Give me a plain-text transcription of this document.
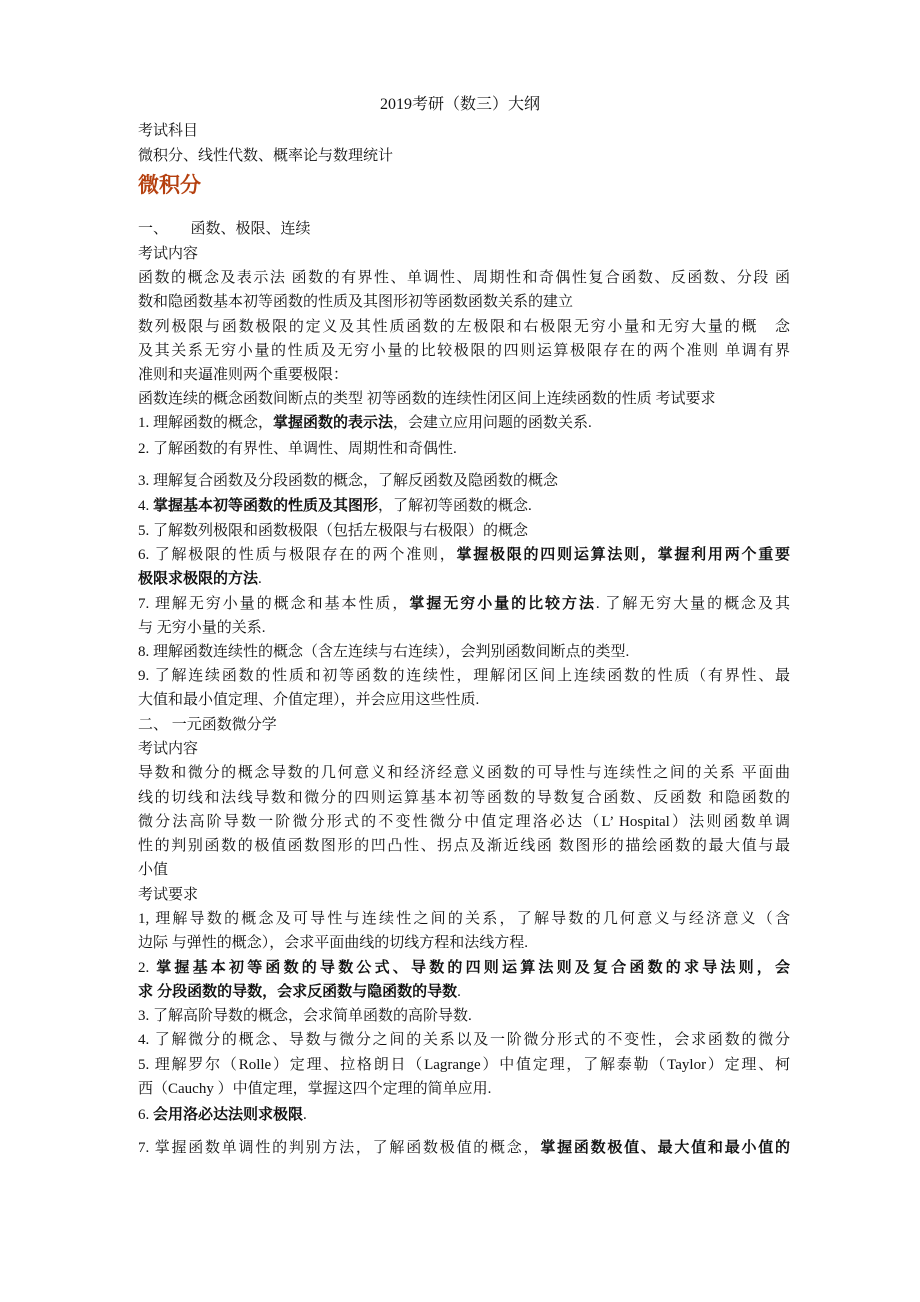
2019考研（数三）大纲
考试科目
微积分、线性代数、概率论与数理统计
微积分
一、　　函数、极限、连续
考试内容
函数的概念及表示法 函数的有界性、单调性、周期性和奇偶性复合函数、反函数、分段 函
数和隐函数基本初等函数的性质及其图形初等函数函数关系的建立
数列极限与函数极限的定义及其性质函数的左极限和右极限无穷小量和无穷大量的概　念
及其关系无穷小量的性质及无穷小量的比较极限的四则运算极限存在的两个准则 单调有界
准则和夹逼准则两个重要极限：
函数连续的概念函数间断点的类型 初等函数的连续性闭区间上连续函数的性质 考试要求
1. 理解函数的概念，掌握函数的表示法，会建立应用问题的函数关系.
2. 了解函数的有界性、单调性、周期性和奇偶性.
3. 理解复合函数及分段函数的概念，了解反函数及隐函数的概念
4. 掌握基本初等函数的性质及其图形，了解初等函数的概念.
5. 了解数列极限和函数极限（包括左极限与右极限）的概念
6. 了解极限的性质与极限存在的两个准则，掌握极限的四则运算法则，掌握利用两个重要
极限求极限的方法.
7. 理解无穷小量的概念和基本性质，掌握无穷小量的比较方法. 了解无穷大量的概念及其
与 无穷小量的关系.
8. 理解函数连续性的概念（含左连续与右连续），会判别函数间断点的类型.
9. 了解连续函数的性质和初等函数的连续性，理解闭区间上连续函数的性质（有界性、最
大值和最小值定理、介值定理），并会应用这些性质.
二、 一元函数微分学
考试内容
导数和微分的概念导数的几何意义和经济经意义函数的可导性与连续性之间的关系 平面曲
线的切线和法线导数和微分的四则运算基本初等函数的导数复合函数、反函数 和隐函数的
微分法高阶导数一阶微分形式的不变性微分中值定理洛必达（L’ Hospital）法则函数单调
性的判别函数的极值函数图形的凹凸性、拐点及渐近线函 数图形的描绘函数的最大值与最
小值
考试要求
1, 理解导数的概念及可导性与连续性之间的关系，了解导数的几何意义与经济意义（含
边际 与弹性的概念），会求平面曲线的切线方程和法线方程.
2. 掌握基本初等函数的导数公式、导数的四则运算法则及复合函数的求导法则，会
求 分段函数的导数，会求反函数与隐函数的导数.
3. 了解高阶导数的概念，会求简单函数的高阶导数.
4. 了解微分的概念、导数与微分之间的关系以及一阶微分形式的不变性，会求函数的微分
5. 理解罗尔（Rolle）定理、拉格朗日（Lagrange）中值定理，了解泰勒（Taylor）定理、柯
西（Cauchy ）中值定理，掌握这四个定理的简单应用.
6. 会用洛必达法则求极限.
7. 掌握函数单调性的判别方法，了解函数极值的概念，掌握函数极值、最大值和最小值的
